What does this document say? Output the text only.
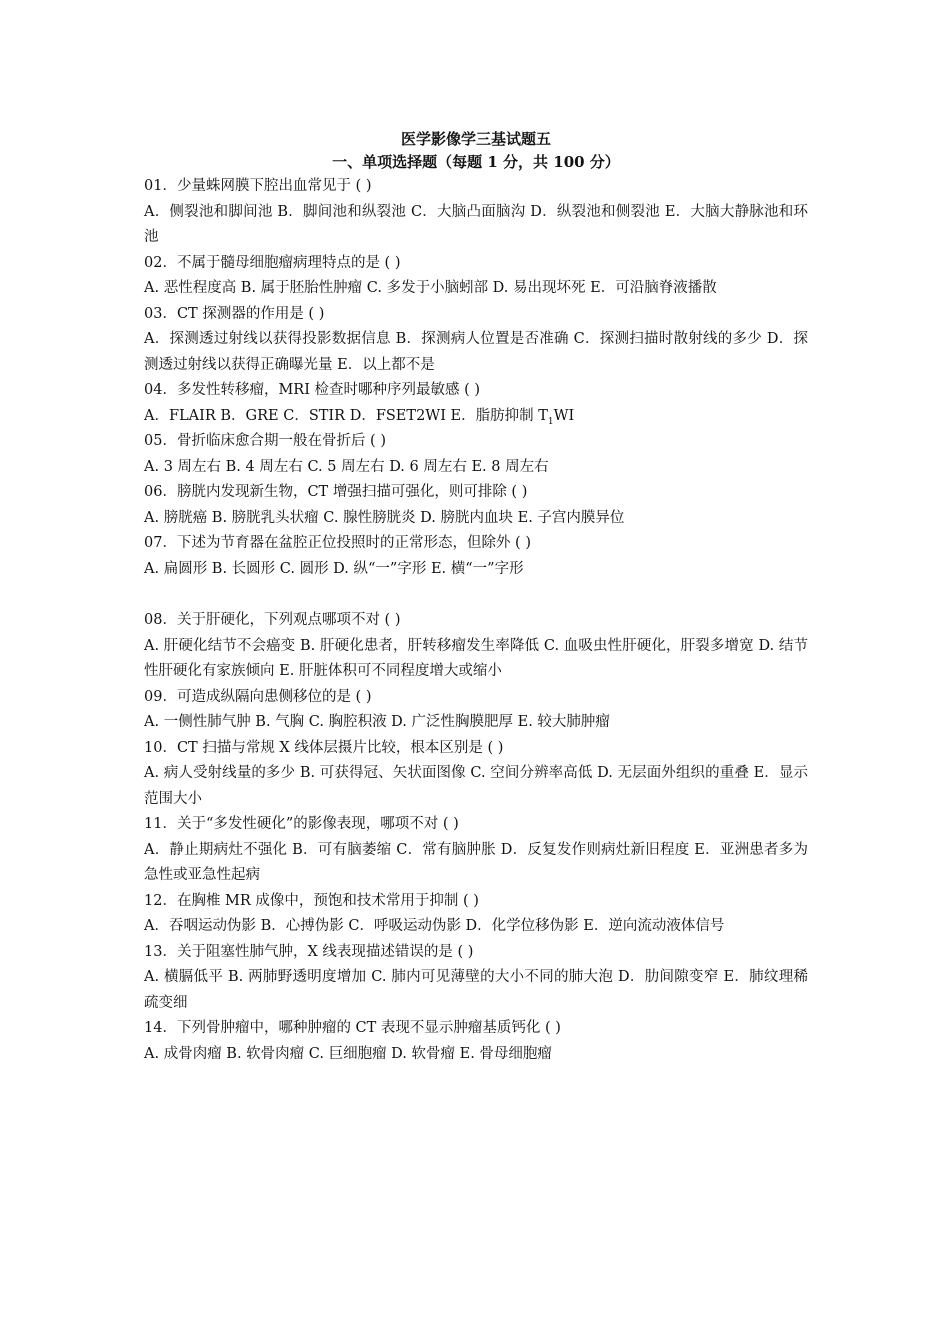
医学影像学三基试题五
一、单项选择题（每题 1 分，共 100 分）
01．少量蛛网膜下腔出血常见于 ( )
A．侧裂池和脚间池 B．脚间池和纵裂池 C．大脑凸面脑沟 D．纵裂池和侧裂池 E．大脑大静脉池和环池
02．不属于髓母细胞瘤病理特点的是 ( )
A. 恶性程度高 B. 属于胚胎性肿瘤 C. 多发于小脑蚓部 D. 易出现坏死 E．可沿脑脊液播散
03．CT 探测器的作用是 ( )
A．探测透过射线以获得投影数据信息 B．探测病人位置是否准确 C．探测扫描时散射线的多少 D．探测透过射线以获得正确曝光量 E．以上都不是
04．多发性转移瘤，MRI 检查时哪种序列最敏感 ( )
A．FLAIR B．GRE C．STIR D．FSET2WI E．脂肪抑制 $T_1WI$
05．骨折临床愈合期一般在骨折后 ( )
A. 3 周左右 B. 4 周左右 C. 5 周左右 D. 6 周左右 E. 8 周左右
06．膀胱内发现新生物，CT 增强扫描可强化，则可排除 ( )
A. 膀胱癌 B. 膀胱乳头状瘤 C. 腺性膀胱炎 D. 膀胱内血块 E. 子宫内膜异位
07．下述为节育器在盆腔正位投照时的正常形态，但除外 ( )
A. 扁圆形 B. 长圆形 C. 圆形 D. 纵“一”字形 E. 横“一”字形
08．关于肝硬化，下列观点哪项不对 ( )
A. 肝硬化结节不会癌变 B. 肝硬化患者，肝转移瘤发生率降低 C. 血吸虫性肝硬化，肝裂多增宽 D. 结节性肝硬化有家族倾向 E. 肝脏体积可不同程度增大或缩小
09．可造成纵隔向患侧移位的是 ( )
A. 一侧性肺气肿 B. 气胸 C. 胸腔积液 D. 广泛性胸膜肥厚 E. 较大肺肿瘤
10．CT 扫描与常规 X 线体层摄片比较，根本区别是 ( )
A. 病人受射线量的多少 B. 可获得冠、矢状面图像 C. 空间分辨率高低 D. 无层面外组织的重叠 E．显示范围大小
11．关于“多发性硬化”的影像表现，哪项不对 ( )
A．静止期病灶不强化 B．可有脑萎缩 C．常有脑肿胀 D．反复发作则病灶新旧程度 E．亚洲患者多为急性或亚急性起病
12．在胸椎 MR 成像中，预饱和技术常用于抑制 ( )
A．吞咽运动伪影 B．心搏伪影 C．呼吸运动伪影 D．化学位移伪影 E．逆向流动液体信号
13．关于阻塞性肺气肿，X 线表现描述错误的是 ( )
A. 横膈低平 B. 两肺野透明度增加 C. 肺内可见薄壁的大小不同的肺大泡 D．肋间隙变窄 E．肺纹理稀疏变细
14．下列骨肿瘤中，哪种肿瘤的 CT 表现不显示肿瘤基质钙化 ( )
A. 成骨肉瘤 B. 软骨肉瘤 C. 巨细胞瘤 D. 软骨瘤 E. 骨母细胞瘤
